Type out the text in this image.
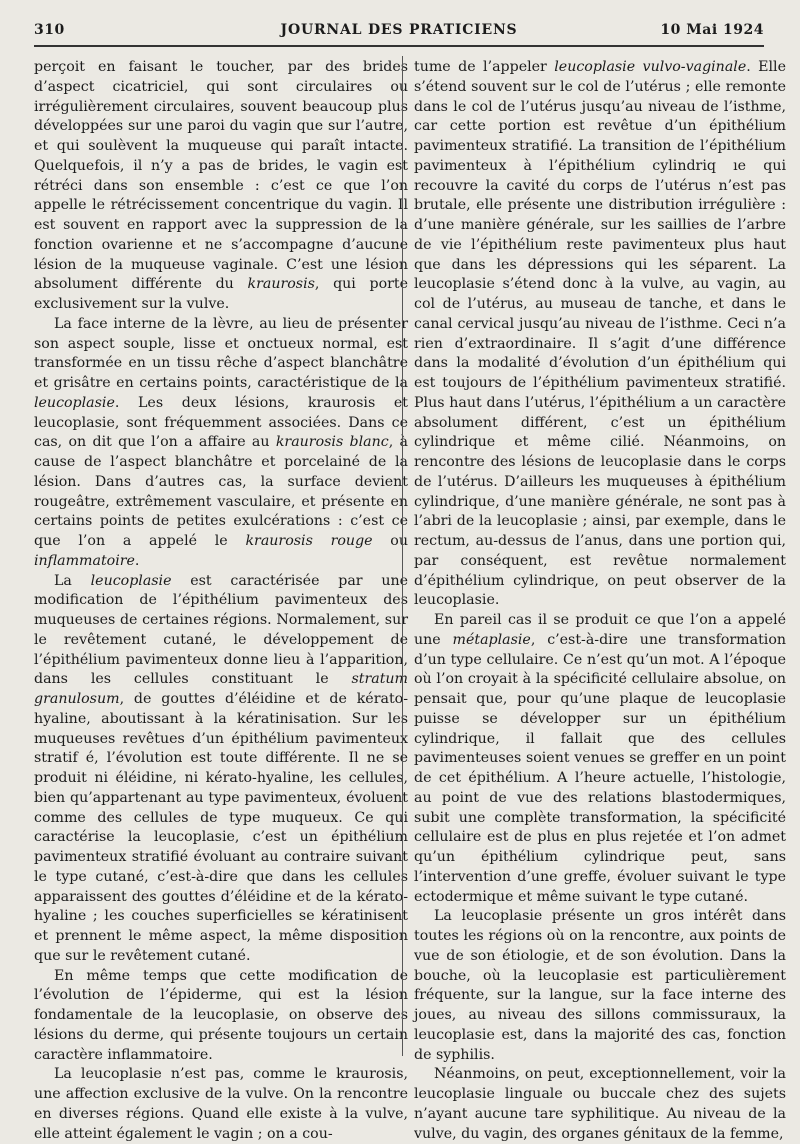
310	JOURNAL DES PRATICIENS	10 Mai 1924

perçoit en faisant le toucher, par des brides d’aspect cicatriciel, qui sont circulaires ou irrégulièrement circulaires, souvent beaucoup plus développées sur une paroi du vagin que sur l’autre, et qui soulèvent la muqueuse qui paraît intacte. Quelquefois, il n’y a pas de brides, le vagin est rétréci dans son ensemble : c’est ce que l’on appelle le rétrécissement concentrique du vagin. Il est souvent en rapport avec la suppression de la fonction ovarienne et ne s’accompagne d’aucune lésion de la muqueuse vaginale. C’est une lésion absolument différente du kraurosis, qui porte exclusivement sur la vulve.

La face interne de la lèvre, au lieu de présenter son aspect souple, lisse et onctueux normal, est transformée en un tissu rêche d’aspect blanchâtre et grisâtre en certains points, caractéristique de la leucoplasie. Les deux lésions, kraurosis et leucoplasie, sont fréquemment associées. Dans ce cas, on dit que l’on a affaire au kraurosis blanc, à cause de l’aspect blanchâtre et porcelainé de la lésion. Dans d’autres cas, la surface devient rougeâtre, extrêmement vasculaire, et présente en certains points de petites exulcérations : c’est ce que l’on a appelé le kraurosis rouge ou inflammatoire.

La leucoplasie est caractérisée par une modification de l’épithélium pavimenteux des muqueuses de certaines régions. Normalement, sur le revêtement cutané, le développement de l’épithélium pavimenteux donne lieu à l’apparition, dans les cellules constituant le stratum granulosum, de gouttes d’éléidine et de kérato-hyaline, aboutissant à la kératinisation. Sur les muqueuses revêtues d’un épithélium pavimenteux stratif é, l’évolution est toute différente. Il ne se produit ni éléidine, ni kérato-hyaline, les cellules, bien qu’appartenant au type pavimenteux, évoluent comme des cellules de type muqueux. Ce qui caractérise la leucoplasie, c’est un épithélium pavimenteux stratifié évoluant au contraire suivant le type cutané, c’est-à-dire que dans les cellules apparaissent des gouttes d’éléidine et de la kérato-hyaline ; les couches superficielles se kératinisent et prennent le même aspect, la même disposition que sur le revêtement cutané.

En même temps que cette modification de l’évolution de l’épiderme, qui est la lésion fondamentale de la leucoplasie, on observe des lésions du derme, qui présente toujours un certain caractère inflammatoire.

La leucoplasie n’est pas, comme le kraurosis, une affection exclusive de la vulve. On la rencontre en diverses régions. Quand elle existe à la vulve, elle atteint également le vagin ; on a cou-

tume de l’appeler leucoplasie vulvo-vaginale. Elle s’étend souvent sur le col de l’utérus ; elle remonte dans le col de l’utérus jusqu’au niveau de l’isthme, car cette portion est revêtue d’un épithélium pavimenteux stratifié. La transition de l’épithélium pavimenteux à l’épithélium cylindriq ıe qui recouvre la cavité du corps de l’utérus n’est pas brutale, elle présente une distribution irrégulière : d’une manière générale, sur les saillies de l’arbre de vie l’épithélium reste pavimenteux plus haut que dans les dépressions qui les séparent. La leucoplasie s’étend donc à la vulve, au vagin, au col de l’utérus, au museau de tanche, et dans le canal cervical jusqu’au niveau de l’isthme. Ceci n’a rien d’extraordinaire. Il s’agit d’une différence dans la modalité d’évolution d’un épithélium qui est toujours de l’épithélium pavimenteux stratifié. Plus haut dans l’utérus, l’épithélium a un caractère absolument différent, c’est un épithélium cylindrique et même cilié. Néanmoins, on rencontre des lésions de leucoplasie dans le corps de l’utérus. D’ailleurs les muqueuses à épithélium cylindrique, d’une manière générale, ne sont pas à l’abri de la leucoplasie ; ainsi, par exemple, dans le rectum, au-dessus de l’anus, dans une portion qui, par conséquent, est revêtue normalement d’épithélium cylindrique, on peut observer de la leucoplasie.

En pareil cas il se produit ce que l’on a appelé une métaplasie, c’est-à-dire une transformation d’un type cellulaire. Ce n’est qu’un mot. A l’époque où l’on croyait à la spécificité cellulaire absolue, on pensait que, pour qu’une plaque de leucoplasie puisse se développer sur un épithélium cylindrique, il fallait que des cellules pavimenteuses soient venues se greffer en un point de cet épithélium. A l’heure actuelle, l’histologie, au point de vue des relations blastodermiques, subit une complète transformation, la spécificité cellulaire est de plus en plus rejetée et l’on admet qu’un épithélium cylindrique peut, sans l’intervention d’une greffe, évoluer suivant le type ectodermique et même suivant le type cutané.

La leucoplasie présente un gros intérêt dans toutes les régions où on la rencontre, aux points de vue de son étiologie, et de son évolution. Dans la bouche, où la leucoplasie est particulièrement fréquente, sur la langue, sur la face interne des joues, au niveau des sillons commissuraux, la leucoplasie est, dans la majorité des cas, fonction de syphilis.

Néanmoins, on peut, exceptionnellement, voir la leucoplasie linguale ou buccale chez des sujets n’ayant aucune tare syphilitique. Au niveau de la vulve, du vagin, des organes génitaux de la femme,
